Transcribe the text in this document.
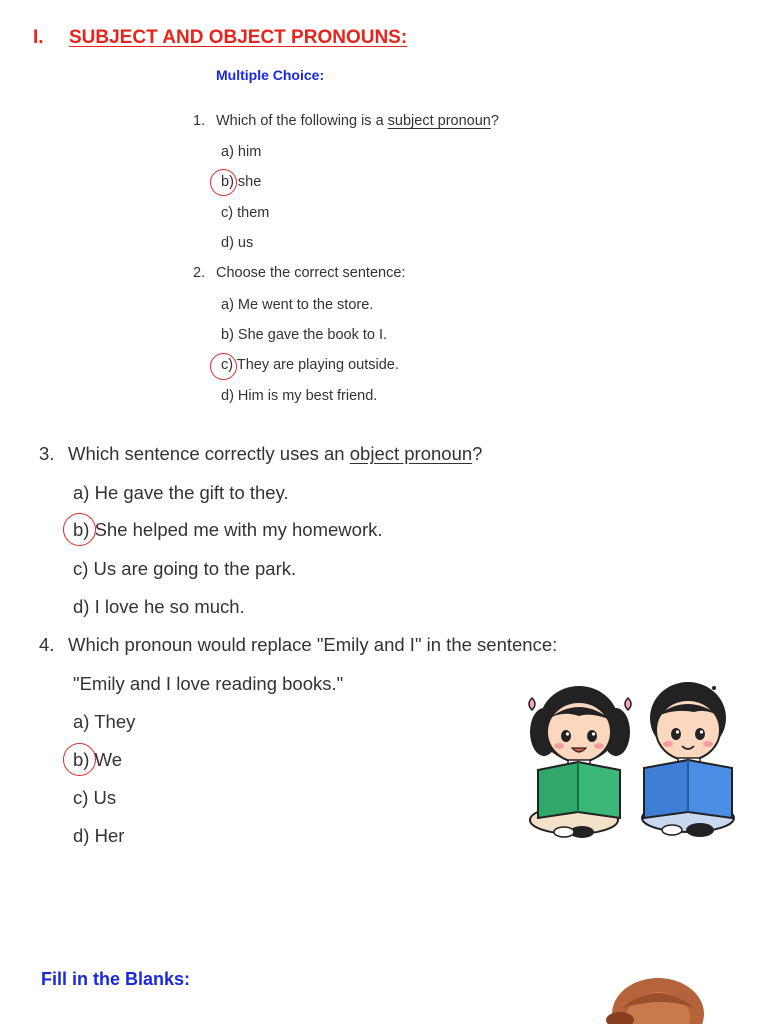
I. SUBJECT AND OBJECT PRONOUNS:
Multiple Choice:
1. Which of the following is a subject pronoun?
a) him
b) she
c) them
d) us
2. Choose the correct sentence:
a) Me went to the store.
b) She gave the book to I.
c) They are playing outside.
d) Him is my best friend.
3. Which sentence correctly uses an object pronoun?
a) He gave the gift to they.
b) She helped me with my homework.
c) Us are going to the park.
d) I love he so much.
4. Which pronoun would replace "Emily and I" in the sentence:
"Emily and I love reading books."
a) They
b) We
c) Us
d) Her
Fill in the Blanks:
